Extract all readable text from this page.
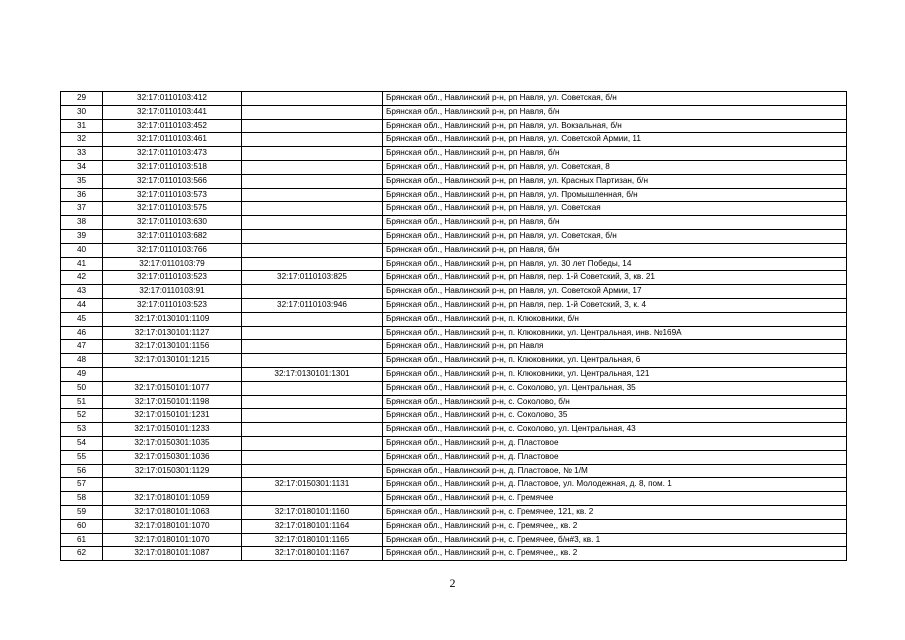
29	32:17:0110103:412		Брянская обл., Навлинский р-н, рп Навля, ул. Советская, б/н
30	32:17:0110103:441		Брянская обл., Навлинский р-н, рп Навля, б/н
31	32:17:0110103:452		Брянская обл., Навлинский р-н, рп Навля, ул. Вокзальная, б/н
32	32:17:0110103:461		Брянская обл., Навлинский р-н, рп Навля, ул. Советской Армии, 11
33	32:17:0110103:473		Брянская обл., Навлинский р-н, рп Навля, б/н
34	32:17:0110103:518		Брянская обл., Навлинский р-н, рп Навля, ул. Советская, 8
35	32:17:0110103:566		Брянская обл., Навлинский р-н, рп Навля, ул. Красных Партизан, б/н
36	32:17:0110103:573		Брянская обл., Навлинский р-н, рп Навля, ул. Промышленная, б/н
37	32:17:0110103:575		Брянская обл., Навлинский р-н, рп Навля, ул. Советская
38	32:17:0110103:630		Брянская обл., Навлинский р-н, рп Навля, б/н
39	32:17:0110103:682		Брянская обл., Навлинский р-н, рп Навля, ул. Советская, б/н
40	32:17:0110103:766		Брянская обл., Навлинский р-н, рп Навля, б/н
41	32:17:0110103:79		Брянская обл., Навлинский р-н, рп Навля, ул. 30 лет Победы, 14
42	32:17:0110103:523	32:17:0110103:825	Брянская обл., Навлинский р-н, рп Навля, пер. 1-й Советский, 3, кв. 21
43	32:17:0110103:91		Брянская обл., Навлинский р-н, рп Навля, ул. Советской Армии, 17
44	32:17:0110103:523	32:17:0110103:946	Брянская обл., Навлинский р-н, рп Навля, пер. 1-й Советский, 3, к. 4
45	32:17:0130101:1109		Брянская обл., Навлинский р-н, п. Клюковники, б/н
46	32:17:0130101:1127		Брянская обл., Навлинский р-н, п. Клюковники, ул. Центральная, инв. №169А
47	32:17:0130101:1156		Брянская обл., Навлинский р-н, рп Навля
48	32:17:0130101:1215		Брянская обл., Навлинский р-н, п. Клюковники, ул. Центральная, 6
49		32:17:0130101:1301	Брянская обл., Навлинский р-н, п. Клюковники, ул. Центральная, 121
50	32:17:0150101:1077		Брянская обл., Навлинский р-н, с. Соколово, ул. Центральная, 35
51	32:17:0150101:1198		Брянская обл., Навлинский р-н, с. Соколово, б/н
52	32:17:0150101:1231		Брянская обл., Навлинский р-н, с. Соколово, 35
53	32:17:0150101:1233		Брянская обл., Навлинский р-н, с. Соколово, ул. Центральная, 43
54	32:17:0150301:1035		Брянская обл., Навлинский р-н, д. Пластовое
55	32:17:0150301:1036		Брянская обл., Навлинский р-н, д. Пластовое
56	32:17:0150301:1129		Брянская обл., Навлинский р-н, д. Пластовое, № 1/М
57		32:17:0150301:1131	Брянская обл., Навлинский р-н, д. Пластовое, ул. Молодежная, д. 8, пом. 1
58	32:17:0180101:1059		Брянская обл., Навлинский р-н, с. Гремячее
59	32:17:0180101:1063	32:17:0180101:1160	Брянская обл., Навлинский р-н, с. Гремячее, 121, кв. 2
60	32:17:0180101:1070	32:17:0180101:1164	Брянская обл., Навлинский р-н, с. Гремячее,, кв. 2
61	32:17:0180101:1070	32:17:0180101:1165	Брянская обл., Навлинский р-н, с. Гремячее, б/н#3, кв. 1
62	32:17:0180101:1087	32:17:0180101:1167	Брянская обл., Навлинский р-н, с. Гремячее,, кв. 2
2
